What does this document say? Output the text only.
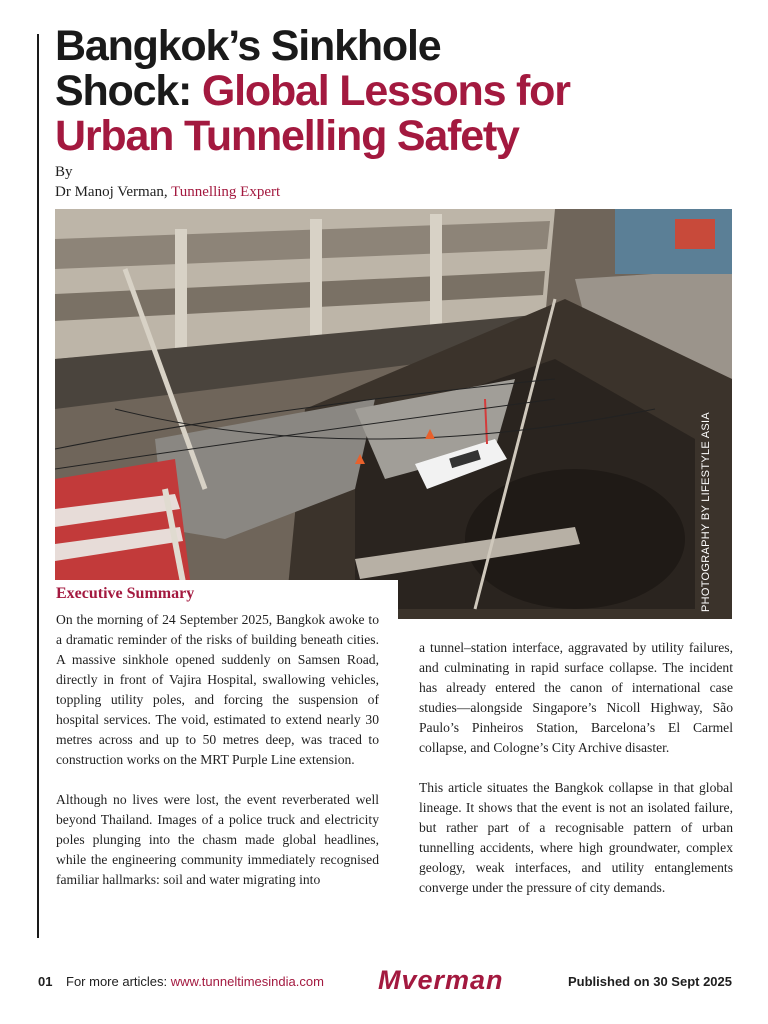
Bangkok’s Sinkhole
Shock: Global Lessons for
Urban Tunnelling Safety
By
Dr Manoj Verman, Tunnelling Expert
PHOTOGRAPHY BY LIFESTYLE ASIA
Executive Summary

On the morning of 24 September 2025, Bangkok awoke to a dramatic reminder of the risks of building beneath cities. A massive sinkhole opened suddenly on Samsen Road, directly in front of Vajira Hospital, swallowing vehicles, toppling utility poles, and forcing the suspension of hospital services. The void, estimated to extend nearly 30 metres across and up to 50 metres deep, was traced to construction works on the MRT Purple Line extension.

Although no lives were lost, the event reverberated well beyond Thailand. Images of a police truck and electricity poles plunging into the chasm made global headlines, while the engineering community immediately recognised familiar hallmarks: soil and water migrating into

a tunnel–station interface, aggravated by utility failures, and culminating in rapid surface collapse. The incident has already entered the canon of international case studies—alongside Singapore’s Nicoll Highway, São Paulo’s Pinheiros Station, Barcelona’s El Carmel collapse, and Cologne’s City Archive disaster.

This article situates the Bangkok collapse in that global lineage. It shows that the event is not an isolated failure, but rather part of a recognisable pattern of urban tunnelling accidents, where high groundwater, complex geology, weak interfaces, and utility entanglements converge under the pressure of city demands.

01 For more articles: www.tunneltimesindia.com Mverman	Published on 30 Sept 2025
